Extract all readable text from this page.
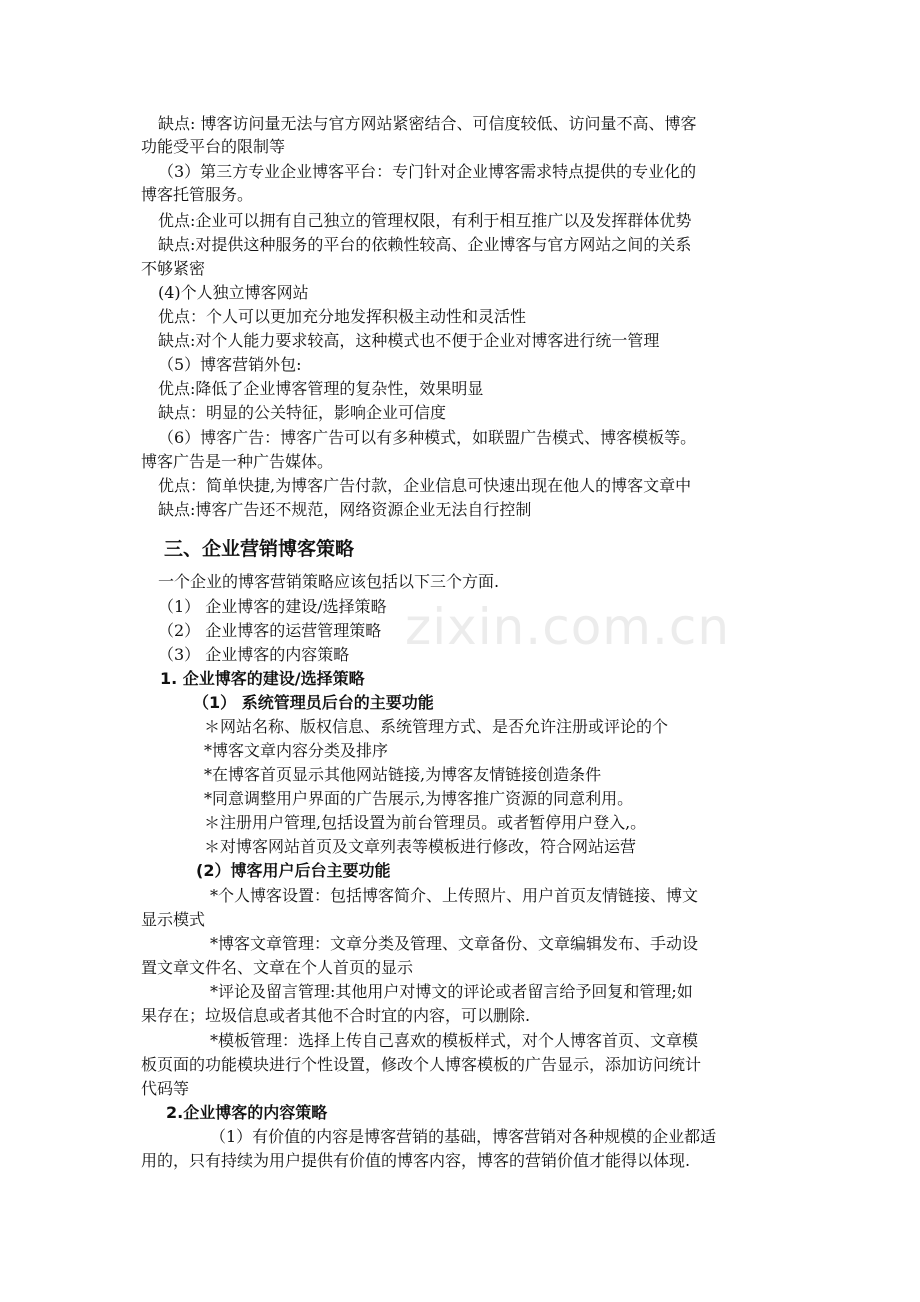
zixin.com.cn
缺点: 博客访问量无法与官方网站紧密结合、可信度较低、访问量不高、博客
功能受平台的限制等
（3）第三方专业企业博客平台：专门针对企业博客需求特点提供的专业化的
博客托管服务。
优点:企业可以拥有自己独立的管理权限，有利于相互推广以及发挥群体优势
缺点:对提供这种服务的平台的依赖性较高、企业博客与官方网站之间的关系
不够紧密
(4)个人独立博客网站
优点：个人可以更加充分地发挥积极主动性和灵活性
缺点:对个人能力要求较高，这种模式也不便于企业对博客进行统一管理
（5）博客营销外包:
优点:降低了企业博客管理的复杂性，效果明显
缺点：明显的公关特征，影响企业可信度
（6）博客广告：博客广告可以有多种模式，如联盟广告模式、博客模板等。
博客广告是一种广告媒体。
优点：简单快捷,为博客广告付款，企业信息可快速出现在他人的博客文章中
缺点:博客广告还不规范，网络资源企业无法自行控制
三、企业营销博客策略
一个企业的博客营销策略应该包括以下三个方面.
（1） 企业博客的建设/选择策略
（2） 企业博客的运营管理策略
（3） 企业博客的内容策略
1. 企业博客的建设/选择策略
（1） 系统管理员后台的主要功能
＊网站名称、版权信息、系统管理方式、是否允许注册或评论的个
*博客文章内容分类及排序
*在博客首页显示其他网站链接,为博客友情链接创造条件
*同意调整用户界面的广告展示,为博客推广资源的同意利用。
＊注册用户管理,包括设置为前台管理员。或者暂停用户登入,。
＊对博客网站首页及文章列表等模板进行修改，符合网站运营
(2）博客用户后台主要功能
*个人博客设置：包括博客简介、上传照片、用户首页友情链接、博文
显示模式
*博客文章管理：文章分类及管理、文章备份、文章编辑发布、手动设
置文章文件名、文章在个人首页的显示
*评论及留言管理:其他用户对博文的评论或者留言给予回复和管理;如
果存在；垃圾信息或者其他不合时宜的内容，可以删除.
*模板管理：选择上传自己喜欢的模板样式，对个人博客首页、文章模
板页面的功能模块进行个性设置，修改个人博客模板的广告显示，添加访问统计
代码等
2.企业博客的内容策略
（1）有价值的内容是博客营销的基础，博客营销对各种规模的企业都适
用的，只有持续为用户提供有价值的博客内容，博客的营销价值才能得以体现.
